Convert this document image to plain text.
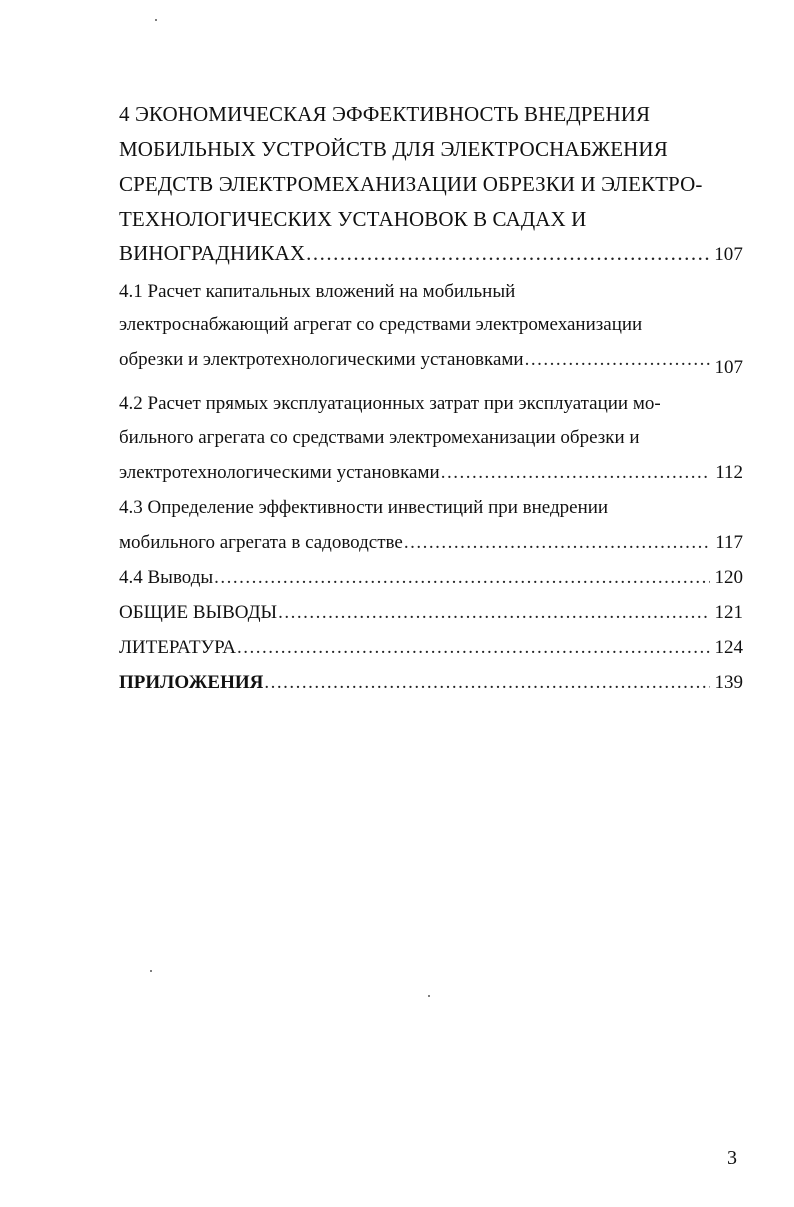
4 ЭКОНОМИЧЕСКАЯ ЭФФЕКТИВНОСТЬ ВНЕДРЕНИЯ
МОБИЛЬНЫХ УСТРОЙСТВ ДЛЯ ЭЛЕКТРОСНАБЖЕНИЯ
СРЕДСТВ ЭЛЕКТРОМЕХАНИЗАЦИИ ОБРЕЗКИ И ЭЛЕКТРО-
ТЕХНОЛОГИЧЕСКИХ УСТАНОВОК В САДАХ И
ВИНОГРАДНИКАХ .....	107
4.1 Расчет капитальных вложений на мобильный
электроснабжающий агрегат со средствами электромеханизации
обрезки и электротехнологическими установками .....	107
4.2 Расчет прямых эксплуатационных затрат при эксплуатации мо-
бильного агрегата со средствами электромеханизации обрезки и
электротехнологическими установками .....	112
4.3 Определение эффективности инвестиций при внедрении
мобильного агрегата в садоводстве .....	117
4.4 Выводы .....	120
ОБЩИЕ ВЫВОДЫ .....	121
ЛИТЕРАТУРА .....	124
ПРИЛОЖЕНИЯ .....	139
3
